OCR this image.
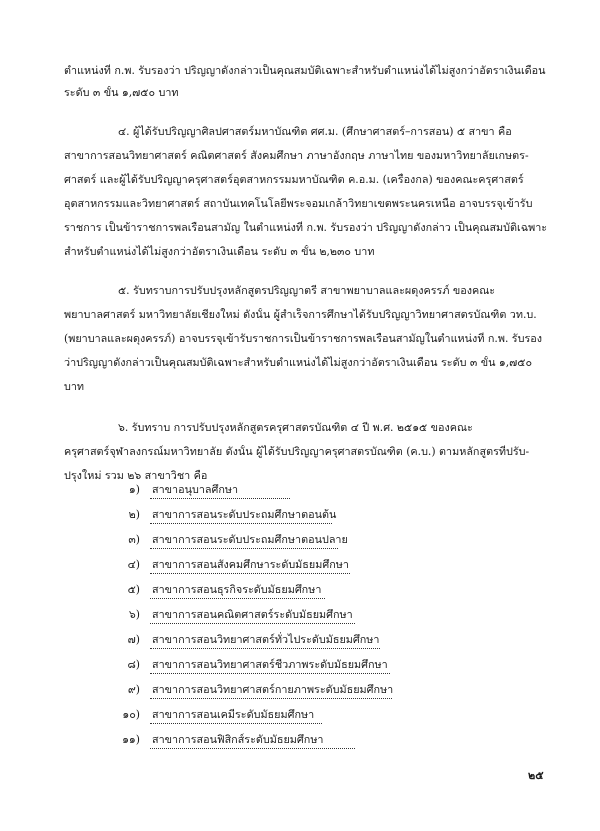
ตำแหน่งที่ ก.พ. รับรองว่า ปริญญาดังกล่าวเป็นคุณสมบัติเฉพาะสำหรับตำแหน่งได้ไม่สูงกว่าอัตราเงินเดือน
ระดับ ๓ ขั้น ๑,๗๕๐ บาท
๔. ผู้ได้รับปริญญาศิลปศาสตร์มหาบัณฑิต ศศ.ม. (ศึกษาศาสตร์–การสอน) ๕ สาขา คือ
สาขาการสอนวิทยาศาสตร์ คณิตศาสตร์ สังคมศึกษา ภาษาอังกฤษ ภาษาไทย ของมหาวิทยาลัยเกษตร-
ศาสตร์ และผู้ได้รับปริญญาครุศาสตร์อุตสาหกรรมมหาบัณฑิต ค.อ.ม. (เครื่องกล) ของคณะครุศาสตร์
อุตสาหกรรมและวิทยาศาสตร์ สถาบันเทคโนโลยีพระจอมเกล้าวิทยาเขตพระนครเหนือ อาจบรรจุเข้ารับ
ราชการ เป็นข้าราชการพลเรือนสามัญ ในตำแหน่งที่ ก.พ. รับรองว่า ปริญญาดังกล่าว เป็นคุณสมบัติเฉพาะ
สำหรับตำแหน่งได้ไม่สูงกว่าอัตราเงินเดือน ระดับ ๓ ขั้น ๒,๒๓๐ บาท
๕. รับทราบการปรับปรุงหลักสูตรปริญญาตรี สาขาพยาบาลและผดุงครรภ์ ของคณะ
พยาบาลศาสตร์ มหาวิทยาลัยเชียงใหม่ ดังนั้น ผู้สำเร็จการศึกษาได้รับปริญญาวิทยาศาสตรบัณฑิต วท.บ.
(พยาบาลและผดุงครรภ์) อาจบรรจุเข้ารับราชการเป็นข้าราชการพลเรือนสามัญในตำแหน่งที่ ก.พ. รับรอง
ว่าปริญญาดังกล่าวเป็นคุณสมบัติเฉพาะสำหรับตำแหน่งได้ไม่สูงกว่าอัตราเงินเดือน ระดับ ๓ ขั้น ๑,๗๕๐
บาท
๖. รับทราบ การปรับปรุงหลักสูตรครุศาสตรบัณฑิต ๔ ปี พ.ศ. ๒๕๑๕ ของคณะ
ครุศาสตร์จุฬาลงกรณ์มหาวิทยาลัย ดังนั้น ผู้ได้รับปริญญาครุศาสตรบัณฑิต (ค.บ.) ตามหลักสูตรที่ปรับ-
ปรุงใหม่ รวม ๒๖ สาขาวิชา คือ
๑) สาขาอนุบาลศึกษา
๒) สาขาการสอนระดับประถมศึกษาตอนต้น
๓) สาขาการสอนระดับประถมศึกษาตอนปลาย
๔) สาขาการสอนสังคมศึกษาระดับมัธยมศึกษา
๕) สาขาการสอนธุรกิจระดับมัธยมศึกษา
๖) สาขาการสอนคณิตศาสตร์ระดับมัธยมศึกษา
๗) สาขาการสอนวิทยาศาสตร์ทั่วไประดับมัธยมศึกษา
๘) สาขาการสอนวิทยาศาสตร์ชีวภาพระดับมัธยมศึกษา
๙) สาขาการสอนวิทยาศาสตร์กายภาพระดับมัธยมศึกษา
๑๐) สาขาการสอนเคมีระดับมัธยมศึกษา
๑๑) สาขาการสอนฟิสิกส์ระดับมัธยมศึกษา
๒๕
